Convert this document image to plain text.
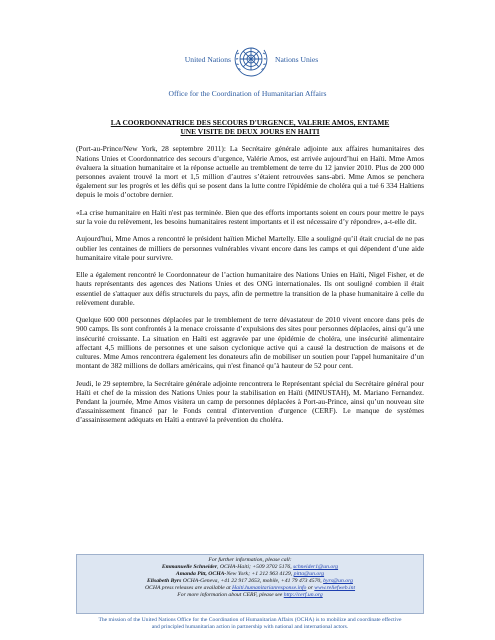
United Nations	Nations Unies
Office for the Coordination of Humanitarian Affairs
LA COORDONNATRICE DES SECOURS D'URGENCE, VALERIE AMOS, ENTAME
UNE VISITE DE DEUX JOURS EN HAITI

(Port-au-Prince/New York, 28 septembre 2011): La Secrétaire générale adjointe aux affaires humanitaires des Nations Unies et Coordonnatrice des secours d’urgence, Valérie Amos, est arrivée aujourd’hui en Haïti. Mme Amos évaluera la situation humanitaire et la réponse actuelle au tremblement de terre du 12 janvier 2010. Plus de 200 000 personnes avaient trouvé la mort et 1,5 million d’autres s’étaient retrouvées sans-abri. Mme Amos se penchera également sur les progrès et les défis qui se posent dans la lutte contre l'épidémie de choléra qui a tué 6 334 Haïtiens depuis le mois d’octobre dernier.

«La crise humanitaire en Haïti n'est pas terminée. Bien que des efforts importants soient en cours pour mettre le pays sur la voie du relèvement, les besoins humanitaires restent importants et il est nécessaire d’y répondre», a-t-elle dit.

Aujourd'hui, Mme Amos a rencontré le président haïtien Michel Martelly. Elle a souligné qu’il était crucial de ne pas oublier les centaines de milliers de personnes vulnérables vivant encore dans les camps et qui dépendent d’une aide humanitaire vitale pour survivre.

Elle a également rencontré le Coordonnateur de l’action humanitaire des Nations Unies en Haïti, Nigel Fisher, et de hauts représentants des agences des Nations Unies et des ONG internationales. Ils ont souligné combien il était essentiel de s'attaquer aux défis structurels du pays, afin de permettre la transition de la phase humanitaire à celle du relèvement durable.

Quelque 600 000 personnes déplacées par le tremblement de terre dévastateur de 2010 vivent encore dans près de 900 camps. Ils sont confrontés à la menace croissante d’expulsions des sites pour personnes déplacées, ainsi qu’à une insécurité croissante. La situation en Haïti est aggravée par une épidémie de choléra, une insécurité alimentaire affectant 4,5 millions de personnes et une saison cyclonique active qui a causé la destruction de maisons et de cultures. Mme Amos rencontrera également les donateurs afin de mobiliser un soutien pour l'appel humanitaire d’un montant de 382 millions de dollars américains, qui n'est financé qu’à hauteur de 52 pour cent.

Jeudi, le 29 septembre, la Secrétaire générale adjointe rencontrera le Représentant spécial du Secrétaire général pour Haïti et chef de la mission des Nations Unies pour la stabilisation en Haïti (MINUSTAH), M. Mariano Fernandez. Pendant la journée, Mme Amos visitera un camp de personnes déplacées à Port-au-Prince, ainsi qu’un nouveau site d'assainissement financé par le Fonds central d'intervention d'urgence (CERF). Le manque de systèmes d’assainissement adéquats en Haïti a entravé la prévention du choléra.

For further information, please call:
Emmanuelle Schneider, OCHA-Haiti; +509 3702 5176, schneider1@un.org
Amanda Pitt, OCHA-New York; +1 212 963 4129, pitta@un.org
Elisabeth Byrs OCHA-Geneva, +41 22 917 2653, mobile, +41 79 473 4570, byrs@un.org
OCHA press releases are available at Haiti.humanitarianresponse.info or www.reliefweb.int
For more information about CERF, please see http://cerf.un.org
The mission of the United Nations Office for the Coordination of Humanitarian Affairs (OCHA) is to mobilize and coordinate effective and principled humanitarian action in partnership with national and international actors.
